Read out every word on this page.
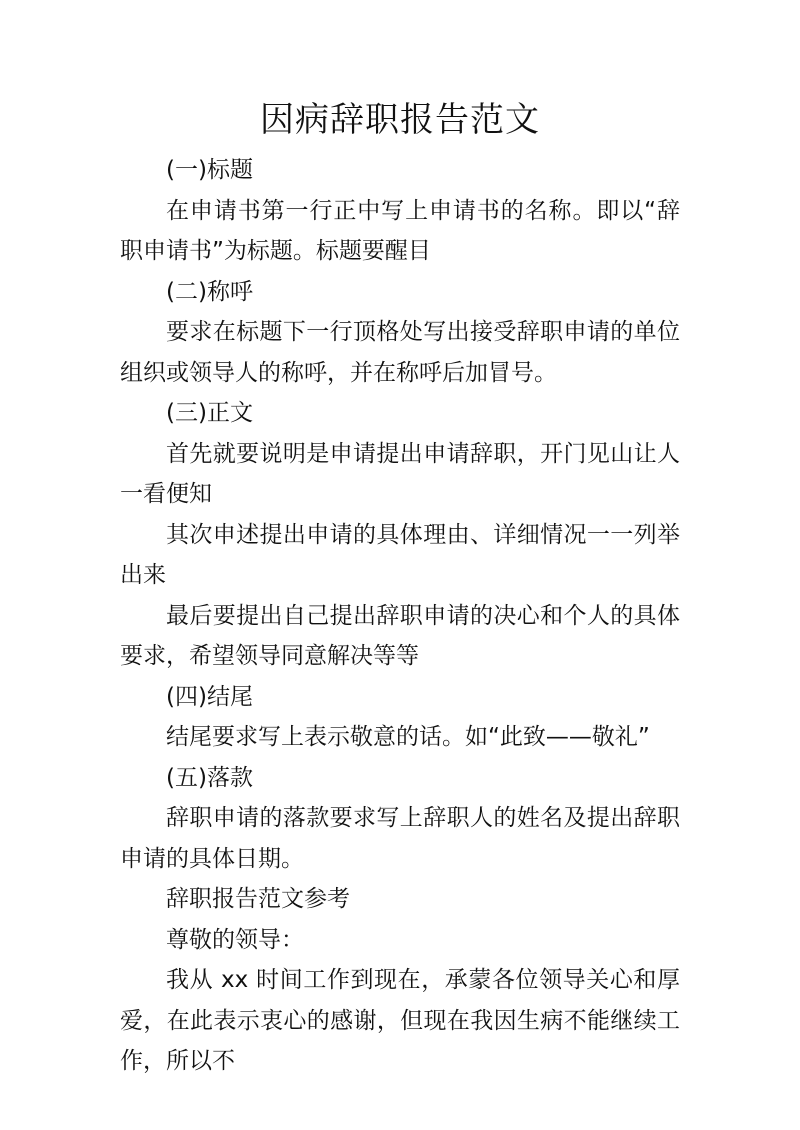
因病辞职报告范文

(一)标题

在申请书第一行正中写上申请书的名称。即以“辞职申请书”为标题。标题要醒目

(二)称呼

要求在标题下一行顶格处写出接受辞职申请的单位组织或领导人的称呼，并在称呼后加冒号。

(三)正文

首先就要说明是申请提出申请辞职，开门见山让人一看便知

其次申述提出申请的具体理由、详细情况一一列举出来

最后要提出自己提出辞职申请的决心和个人的具体要求，希望领导同意解决等等

(四)结尾

结尾要求写上表示敬意的话。如“此致——敬礼”

(五)落款

辞职申请的落款要求写上辞职人的姓名及提出辞职申请的具体日期。

辞职报告范文参考

尊敬的领导：

我从 xx 时间工作到现在，承蒙各位领导关心和厚爱，在此表示衷心的感谢，但现在我因生病不能继续工作，所以不
